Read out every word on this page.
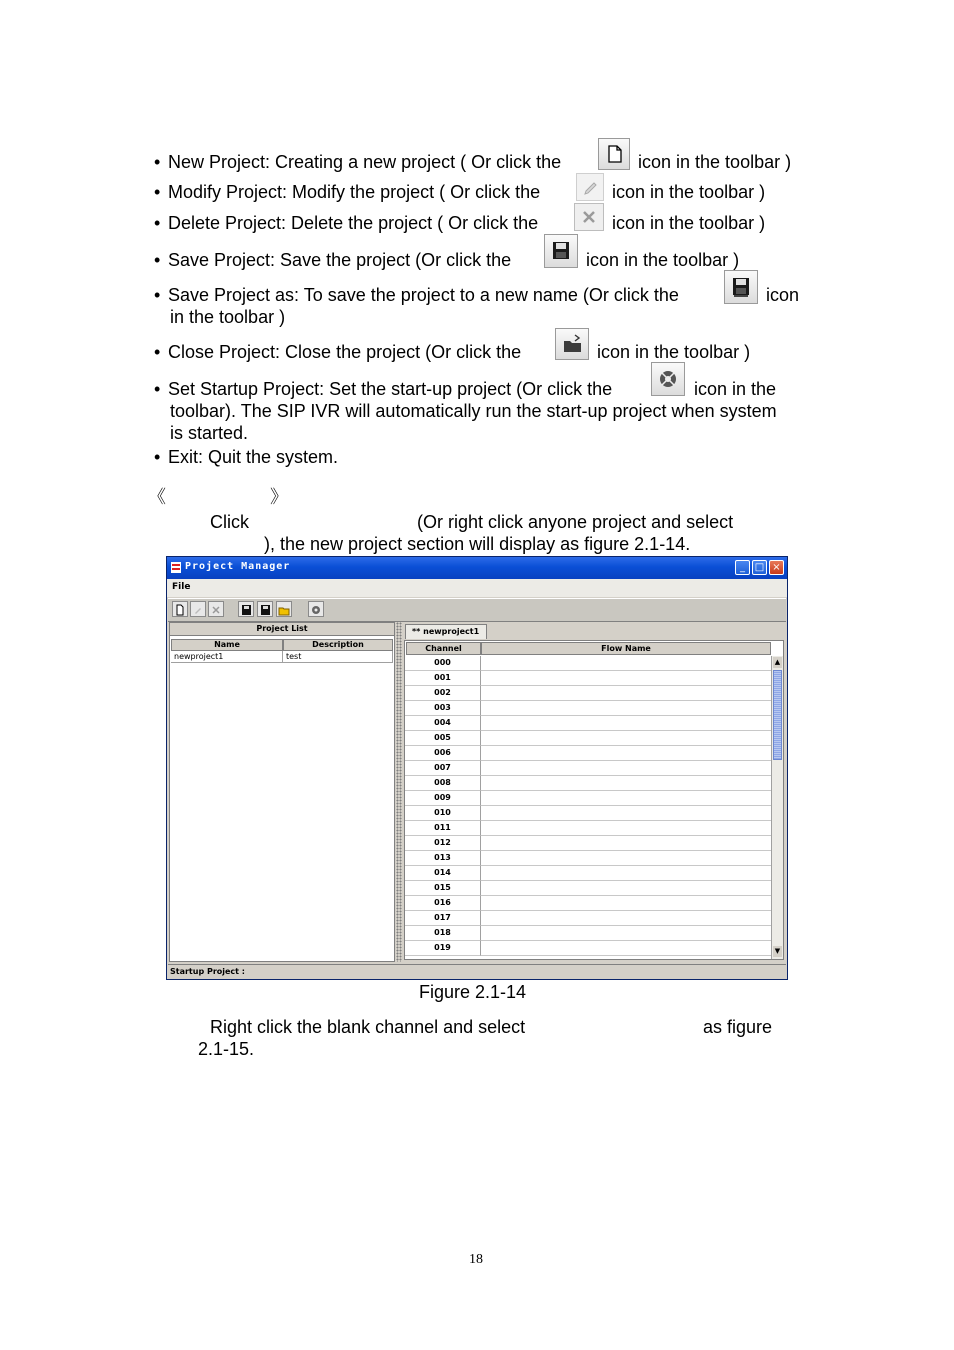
• New Project: Creating a new project ( Or click the	icon in the toolbar )
• Modify Project: Modify the project ( Or click the	icon in the toolbar )
• Delete Project: Delete the project ( Or click the	icon in the toolbar )
• Save Project: Save the project (Or click the	icon in the toolbar )
• Save Project as: To save the project to a new name (Or click the	icon
in the toolbar )
• Close Project: Close the project (Or click the	icon in the toolbar )
• Set Startup Project: Set the start-up project (Or click the	icon in the
toolbar). The SIP IVR will automatically run the start-up project when system
is started.
• Exit: Quit the system.
《	》
Click	(Or right click anyone project and select
), the new project section will display as figure 2.1-14.
Project Manager	_ □ ×
File
Project List
Name	Description
newproject1	test
** newproject1
Channel	Flow Name
000
001
002
003
004
005
006
007
008
009
010
011
012
013
014
015
016
017
018
019
▲
▼
Startup Project :
Figure 2.1-14
Right click the blank channel and select	as figure
2.1-15.
18
